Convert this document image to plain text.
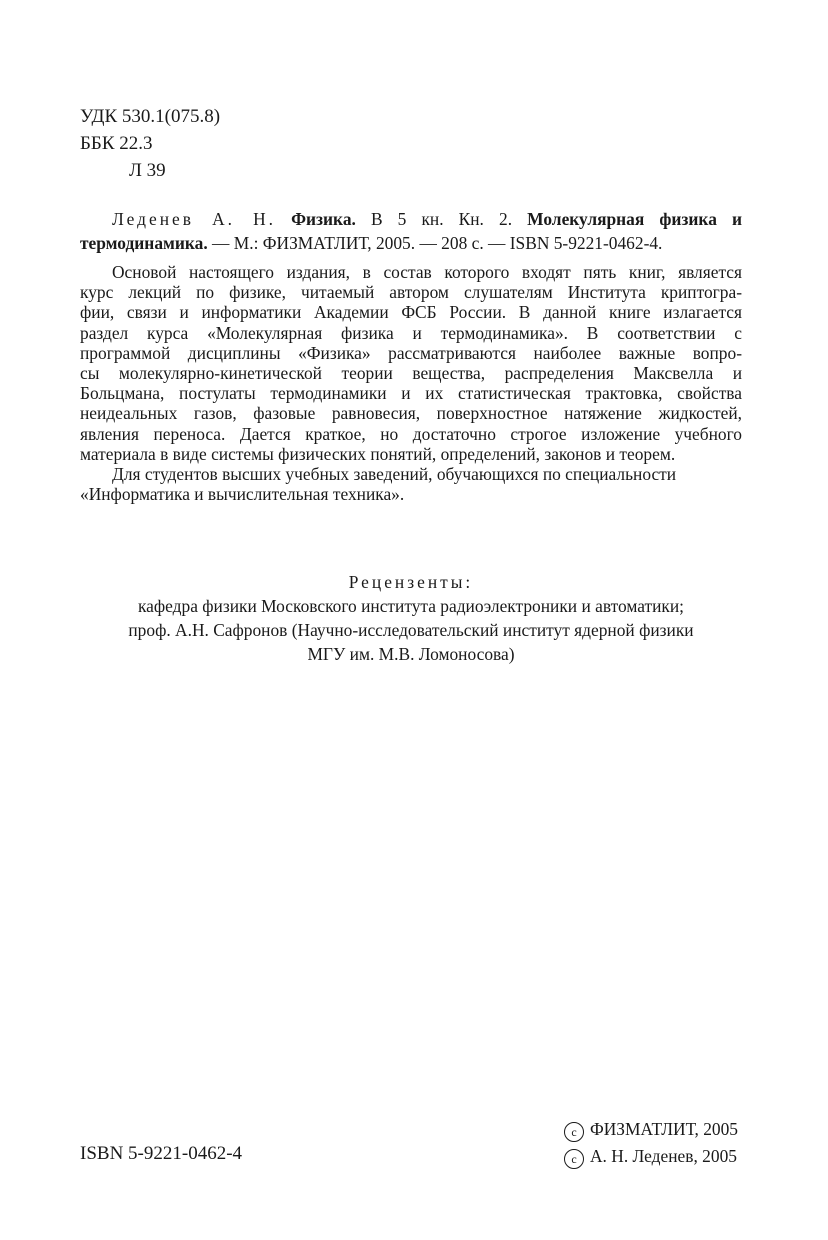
УДК 530.1(075.8)
ББК 22.3
Л 39
Леденев А. Н. Физика. В 5 кн. Кн. 2. Молекулярная физика и
термодинамика. — М.: ФИЗМАТЛИТ, 2005. — 208 с. — ISBN 5-9221-0462-4.
Основой настоящего издания, в состав которого входят пять книг, является
курс лекций по физике, читаемый автором слушателям Института криптогра-
фии, связи и информатики Академии ФСБ России. В данной книге излагается
раздел курса «Молекулярная физика и термодинамика». В соответствии с
программой дисциплины «Физика» рассматриваются наиболее важные вопро-
сы молекулярно-кинетической теории вещества, распределения Максвелла и
Больцмана, постулаты термодинамики и их статистическая трактовка, свойства
неидеальных газов, фазовые равновесия, поверхностное натяжение жидкостей,
явления переноса. Дается краткое, но достаточно строгое изложение учебного
материала в виде системы физических понятий, определений, законов и теорем.
Для студентов высших учебных заведений, обучающихся по специальности
«Информатика и вычислительная техника».
Рецензенты:
кафедра физики Московского института радиоэлектроники и автоматики;
проф. А.Н. Сафронов (Научно-исследовательский институт ядерной физики
МГУ им. М.В. Ломоносова)
ISBN 5-9221-0462-4
c ФИЗМАТЛИТ, 2005
c А. Н. Леденев, 2005
